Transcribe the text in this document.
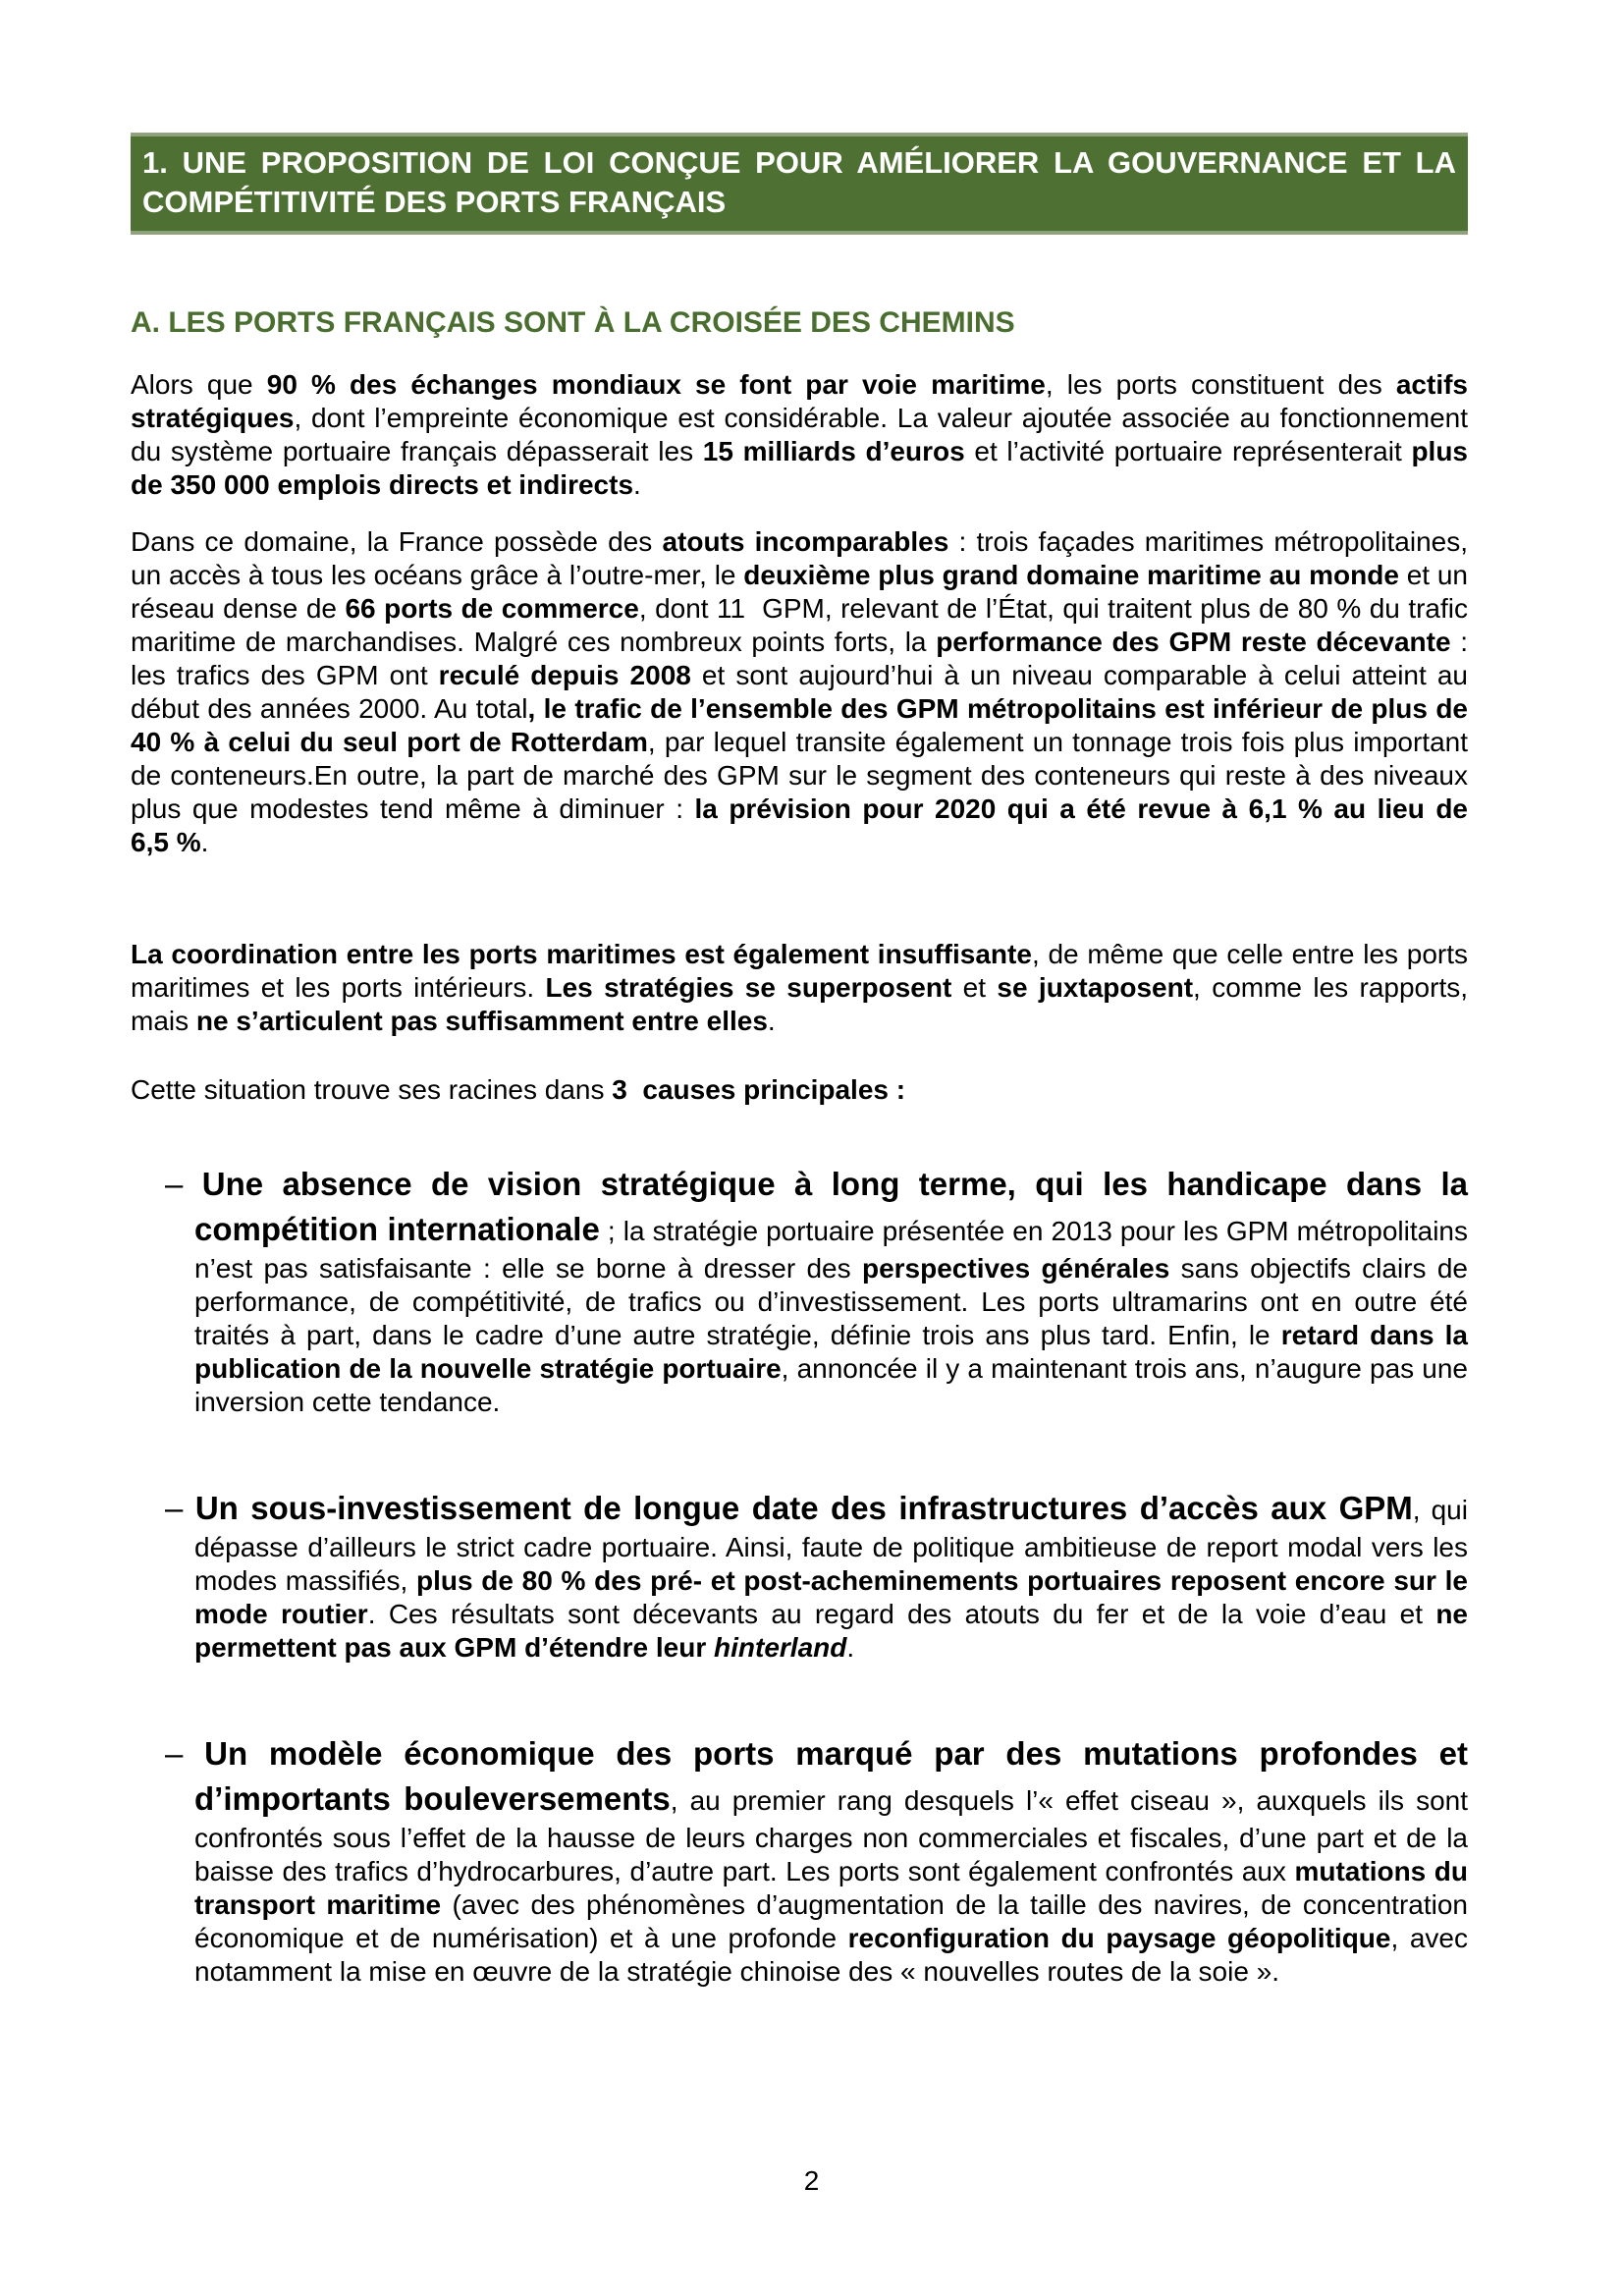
1. UNE PROPOSITION DE LOI CONÇUE POUR AMÉLIORER LA GOUVERNANCE ET LA COMPÉTITIVITÉ DES PORTS FRANÇAIS
A. LES PORTS FRANÇAIS SONT À LA CROISÉE DES CHEMINS

Alors que 90 % des échanges mondiaux se font par voie maritime, les ports constituent des actifs stratégiques, dont l’empreinte économique est considérable. La valeur ajoutée associée au fonctionnement du système portuaire français dépasserait les 15 milliards d’euros et l’activité portuaire représenterait plus de 350 000 emplois directs et indirects.

Dans ce domaine, la France possède des atouts incomparables : trois façades maritimes métropolitaines, un accès à tous les océans grâce à l’outre-mer, le deuxième plus grand domaine maritime au monde et un réseau dense de 66 ports de commerce, dont 11  GPM, relevant de l’État, qui traitent plus de 80 % du trafic maritime de marchandises. Malgré ces nombreux points forts, la performance des GPM reste décevante : les trafics des GPM ont reculé depuis 2008 et sont aujourd’hui à un niveau comparable à celui atteint au début des années 2000. Au total, le trafic de l’ensemble des GPM métropolitains est inférieur de plus de 40 % à celui du seul port de Rotterdam, par lequel transite également un tonnage trois fois plus important de conteneurs.En outre, la part de marché des GPM sur le segment des conteneurs qui reste à des niveaux plus que modestes tend même à diminuer : la prévision pour 2020 qui a été revue à 6,1 % au lieu de 6,5 %.

La coordination entre les ports maritimes est également insuffisante, de même que celle entre les ports maritimes et les ports intérieurs. Les stratégies se superposent et se juxtaposent, comme les rapports, mais ne s’articulent pas suffisamment entre elles.

Cette situation trouve ses racines dans 3  causes principales :

– Une absence de vision stratégique à long terme, qui les handicape dans la compétition internationale ; la stratégie portuaire présentée en 2013 pour les GPM métropolitains n’est pas satisfaisante : elle se borne à dresser des perspectives générales sans objectifs clairs de performance, de compétitivité, de trafics ou d’investissement. Les ports ultramarins ont en outre été traités à part, dans le cadre d’une autre stratégie, définie trois ans plus tard. Enfin, le retard dans la publication de la nouvelle stratégie portuaire, annoncée il y a maintenant trois ans, n’augure pas une inversion cette tendance.
– Un sous-investissement de longue date des infrastructures d’accès aux GPM, qui dépasse d’ailleurs le strict cadre portuaire. Ainsi, faute de politique ambitieuse de report modal vers les modes massifiés, plus de 80 % des pré- et post-acheminements portuaires reposent encore sur le mode routier. Ces résultats sont décevants au regard des atouts du fer et de la voie d’eau et ne permettent pas aux GPM d’étendre leur hinterland.
– Un modèle économique des ports marqué par des mutations profondes et d’importants bouleversements, au premier rang desquels l’« effet ciseau », auxquels ils sont confrontés sous l’effet de la hausse de leurs charges non commerciales et fiscales, d’une part et de la baisse des trafics d’hydrocarbures, d’autre part. Les ports sont également confrontés aux mutations du transport maritime (avec des phénomènes d’augmentation de la taille des navires, de concentration économique et de numérisation) et à une profonde reconfiguration du paysage géopolitique, avec notamment la mise en œuvre de la stratégie chinoise des « nouvelles routes de la soie ».
2
